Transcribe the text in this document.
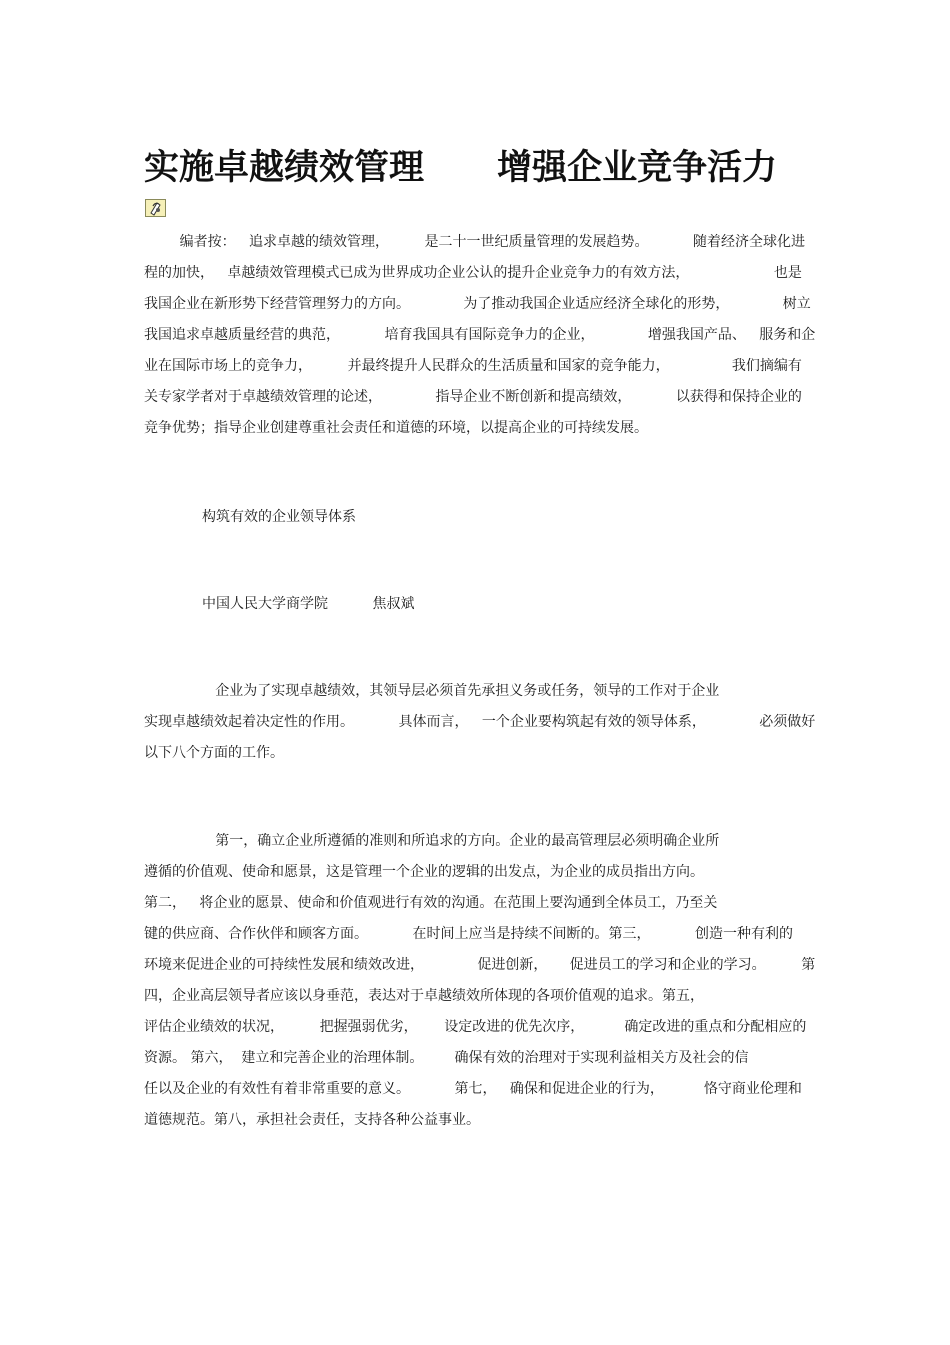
实施卓越绩效管理      增强企业竞争活力
编者按：   追求卓越的绩效管理，        是二十一世纪质量管理的发展趋势。          随着经济全球化进
程的加快，   卓越绩效管理模式已成为世界成功企业公认的提升企业竞争力的有效方法，                   也是
我国企业在新形势下经营管理努力的方向。            为了推动我国企业适应经济全球化的形势，            树立
我国追求卓越质量经营的典范，          培育我国具有国际竞争力的企业，            增强我国产品、   服务和企
业在国际市场上的竞争力，        并最终提升人民群众的生活质量和国家的竞争能力，              我们摘编有
关专家学者对于卓越绩效管理的论述，            指导企业不断创新和提高绩效，          以获得和保持企业的
竞争优势；指导企业创建尊重社会责任和道德的环境，以提高企业的可持续发展。
构筑有效的企业领导体系
中国人民大学商学院          焦叔斌
企业为了实现卓越绩效，其领导层必须首先承担义务或任务，领导的工作对于企业
实现卓越绩效起着决定性的作用。          具体而言，   一个企业要构筑起有效的领导体系，            必须做好
以下八个方面的工作。
第一，确立企业所遵循的准则和所追求的方向。企业的最高管理层必须明确企业所
遵循的价值观、使命和愿景，这是管理一个企业的逻辑的出发点，为企业的成员指出方向。
第二，   将企业的愿景、使命和价值观进行有效的沟通。在范围上要沟通到全体员工，乃至关
键的供应商、合作伙伴和顾客方面。          在时间上应当是持续不间断的。第三，          创造一种有利的
环境来促进企业的可持续性发展和绩效改进，            促进创新，     促进员工的学习和企业的学习。        第
四，企业高层领导者应该以身垂范，表达对于卓越绩效所体现的各项价值观的追求。第五，
评估企业绩效的状况，        把握强弱优劣，      设定改进的优先次序，         确定改进的重点和分配相应的
资源。 第六，  建立和完善企业的治理体制。       确保有效的治理对于实现利益相关方及社会的信
任以及企业的有效性有着非常重要的意义。          第七，   确保和促进企业的行为，         恪守商业伦理和
道德规范。第八，承担社会责任，支持各种公益事业。
